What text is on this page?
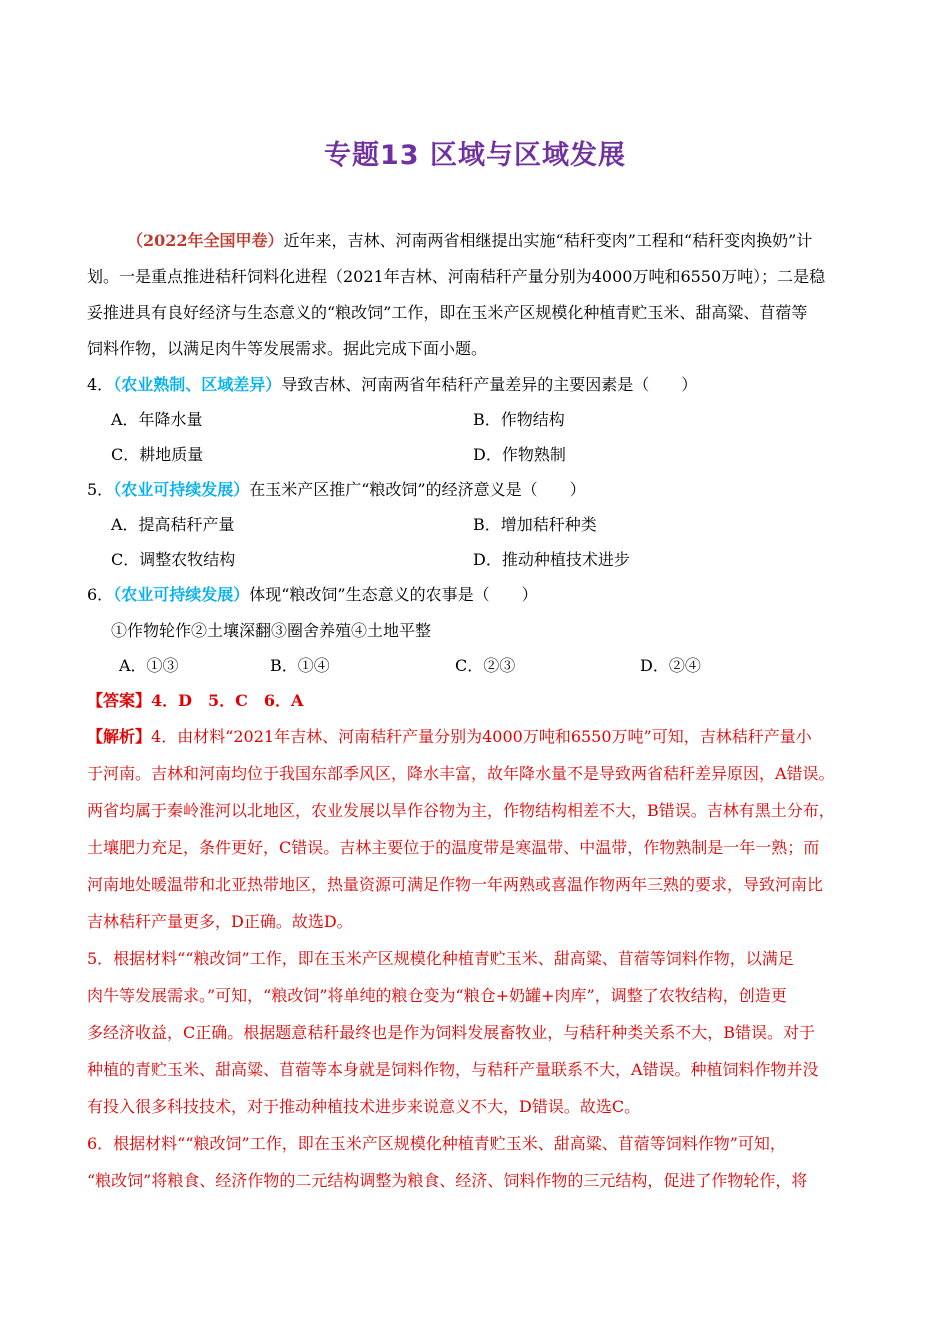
专题13 区域与区域发展
（2022年全国甲卷）近年来，吉林、河南两省相继提出实施“秸秆变肉”工程和“秸秆变肉换奶”计
划。一是重点推进秸秆饲料化进程（2021年吉林、河南秸秆产量分别为4000万吨和6550万吨）；二是稳
妥推进具有良好经济与生态意义的“粮改饲”工作，即在玉米产区规模化种植青贮玉米、甜高粱、苜蓿等
饲料作物，以满足肉牛等发展需求。据此完成下面小题。
4．（农业熟制、区域差异）导致吉林、河南两省年秸秆产量差异的主要因素是（　　）
A．年降水量	B．作物结构
C．耕地质量	D．作物熟制
5．（农业可持续发展）在玉米产区推广“粮改饲”的经济意义是（　　）
A．提高秸秆产量	B．增加秸秆种类
C．调整农牧结构	D．推动种植技术进步
6．（农业可持续发展）体现“粮改饲”生态意义的农事是（　　）
①作物轮作②土壤深翻③圈舍养殖④土地平整
A．①③	B．①④	C．②③	D．②④
【答案】4．D　5．C　6．A
【解析】4．由材料“2021年吉林、河南秸秆产量分别为4000万吨和6550万吨”可知，吉林秸秆产量小
于河南。吉林和河南均位于我国东部季风区，降水丰富，故年降水量不是导致两省秸秆差异原因，A错误。
两省均属于秦岭淮河以北地区，农业发展以旱作谷物为主，作物结构相差不大，B错误。吉林有黑土分布，
土壤肥力充足，条件更好，C错误。吉林主要位于的温度带是寒温带、中温带，作物熟制是一年一熟；而
河南地处暖温带和北亚热带地区，热量资源可满足作物一年两熟或喜温作物两年三熟的要求，导致河南比
吉林秸秆产量更多，D正确。故选D。
5．根据材料““粮改饲”工作，即在玉米产区规模化种植青贮玉米、甜高粱、苜蓿等饲料作物，以满足
肉牛等发展需求。”可知，“粮改饲”将单纯的粮仓变为“粮仓+奶罐+肉库”，调整了农牧结构，创造更
多经济收益，C正确。根据题意秸秆最终也是作为饲料发展畜牧业，与秸秆种类关系不大，B错误。对于
种植的青贮玉米、甜高粱、苜蓿等本身就是饲料作物，与秸秆产量联系不大，A错误。种植饲料作物并没
有投入很多科技技术，对于推动种植技术进步来说意义不大，D错误。故选C。
6．根据材料““粮改饲”工作，即在玉米产区规模化种植青贮玉米、甜高粱、苜蓿等饲料作物”可知，
“粮改饲”将粮食、经济作物的二元结构调整为粮食、经济、饲料作物的三元结构，促进了作物轮作，将
